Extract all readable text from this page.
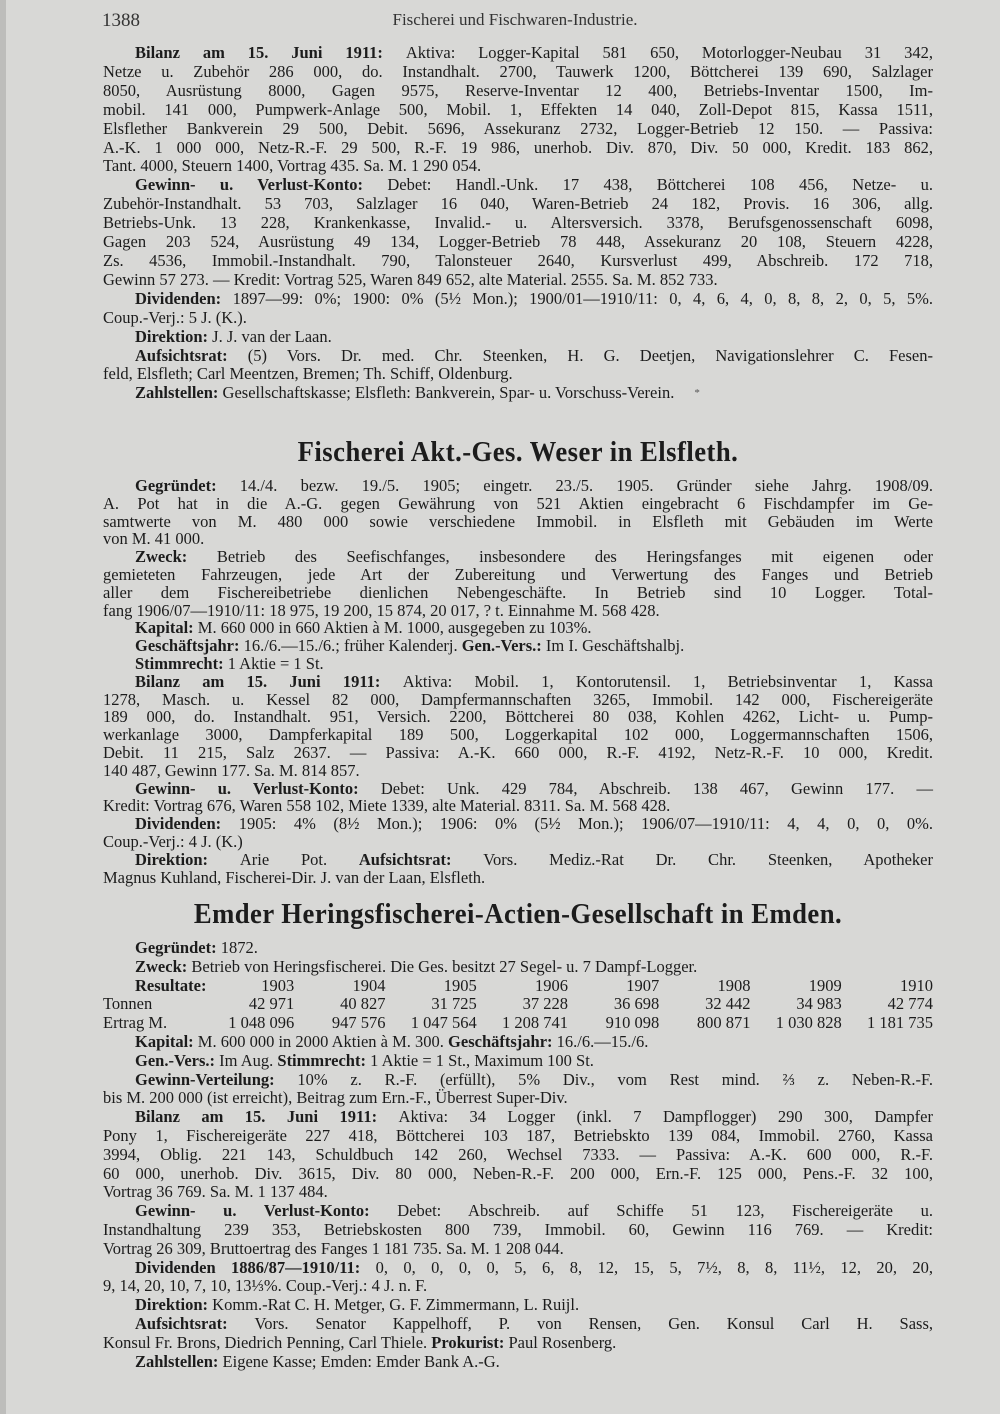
1388	Fischerei und Fischwaren-Industrie.
Bilanz am 15. Juni 1911: Aktiva: Logger-Kapital 581 650, Motorlogger-Neubau 31 342,
Netze u. Zubehör 286 000, do. Instandhalt. 2700, Tauwerk 1200, Böttcherei 139 690, Salzlager
8050, Ausrüstung 8000, Gagen 9575, Reserve-Inventar 12 400, Betriebs-Inventar 1500, Im-
mobil. 141 000, Pumpwerk-Anlage 500, Mobil. 1, Effekten 14 040, Zoll-Depot 815, Kassa 1511,
Elsflether Bankverein 29 500, Debit. 5696, Assekuranz 2732, Logger-Betrieb 12 150. — Passiva:
A.-K. 1 000 000, Netz-R.-F. 29 500, R.-F. 19 986, unerhob. Div. 870, Div. 50 000, Kredit. 183 862,
Tant. 4000, Steuern 1400, Vortrag 435. Sa. M. 1 290 054.
Gewinn- u. Verlust-Konto: Debet: Handl.-Unk. 17 438, Böttcherei 108 456, Netze- u.
Zubehör-Instandhalt. 53 703, Salzlager 16 040, Waren-Betrieb 24 182, Provis. 16 306, allg.
Betriebs-Unk. 13 228, Krankenkasse, Invalid.- u. Altersversich. 3378, Berufsgenossenschaft 6098,
Gagen 203 524, Ausrüstung 49 134, Logger-Betrieb 78 448, Assekuranz 20 108, Steuern 4228,
Zs. 4536, Immobil.-Instandhalt. 790, Talonsteuer 2640, Kursverlust 499, Abschreib. 172 718,
Gewinn 57 273. — Kredit: Vortrag 525, Waren 849 652, alte Material. 2555. Sa. M. 852 733.
Dividenden: 1897—99: 0%; 1900: 0% (5½ Mon.); 1900/01—1910/11: 0, 4, 6, 4, 0, 8, 8, 2, 0, 5, 5%.
Coup.-Verj.: 5 J. (K.).
Direktion: J. J. van der Laan.
Aufsichtsrat: (5) Vors. Dr. med. Chr. Steenken, H. G. Deetjen, Navigationslehrer C. Fesen-
feld, Elsfleth; Carl Meentzen, Bremen; Th. Schiff, Oldenburg.
Zahlstellen: Gesellschaftskasse; Elsfleth: Bankverein, Spar- u. Vorschuss-Verein. *
Fischerei Akt.-Ges. Weser in Elsfleth.
Gegründet: 14./4. bezw. 19./5. 1905; eingetr. 23./5. 1905. Gründer siehe Jahrg. 1908/09.
A. Pot hat in die A.-G. gegen Gewährung von 521 Aktien eingebracht 6 Fischdampfer im Ge-
samtwerte von M. 480 000 sowie verschiedene Immobil. in Elsfleth mit Gebäuden im Werte
von M. 41 000.
Zweck: Betrieb des Seefischfanges, insbesondere des Heringsfanges mit eigenen oder
gemieteten Fahrzeugen, jede Art der Zubereitung und Verwertung des Fanges und Betrieb
aller dem Fischereibetriebe dienlichen Nebengeschäfte. In Betrieb sind 10 Logger. Total-
fang 1906/07—1910/11: 18 975, 19 200, 15 874, 20 017, ? t. Einnahme M. 568 428.
Kapital: M. 660 000 in 660 Aktien à M. 1000, ausgegeben zu 103%.
Geschäftsjahr: 16./6.—15./6.; früher Kalenderj. Gen.-Vers.: Im I. Geschäftshalbj.
Stimmrecht: 1 Aktie = 1 St.
Bilanz am 15. Juni 1911: Aktiva: Mobil. 1, Kontorutensil. 1, Betriebsinventar 1, Kassa
1278, Masch. u. Kessel 82 000, Dampfermannschaften 3265, Immobil. 142 000, Fischereigeräte
189 000, do. Instandhalt. 951, Versich. 2200, Böttcherei 80 038, Kohlen 4262, Licht- u. Pump-
werkanlage 3000, Dampferkapital 189 500, Loggerkapital 102 000, Loggermannschaften 1506,
Debit. 11 215, Salz 2637. — Passiva: A.-K. 660 000, R.-F. 4192, Netz-R.-F. 10 000, Kredit.
140 487, Gewinn 177. Sa. M. 814 857.
Gewinn- u. Verlust-Konto: Debet: Unk. 429 784, Abschreib. 138 467, Gewinn 177. —
Kredit: Vortrag 676, Waren 558 102, Miete 1339, alte Material. 8311. Sa. M. 568 428.
Dividenden: 1905: 4% (8½ Mon.); 1906: 0% (5½ Mon.); 1906/07—1910/11: 4, 4, 0, 0, 0%.
Coup.-Verj.: 4 J. (K.)
Direktion: Arie Pot. Aufsichtsrat: Vors. Mediz.-Rat Dr. Chr. Steenken, Apotheker
Magnus Kuhland, Fischerei-Dir. J. van der Laan, Elsfleth.
Emder Heringsfischerei-Actien-Gesellschaft in Emden.
Gegründet: 1872.
Zweck: Betrieb von Heringsfischerei. Die Ges. besitzt 27 Segel- u. 7 Dampf-Logger.
Resultate:	1903	1904	1905	1906	1907	1908	1909	1910
Tonnen	42 971	40 827	31 725	37 228	36 698	32 442	34 983	42 774
Ertrag M.	1 048 096	947 576	1 047 564	1 208 741	910 098	800 871	1 030 828	1 181 735
Kapital: M. 600 000 in 2000 Aktien à M. 300. Geschäftsjahr: 16./6.—15./6.
Gen.-Vers.: Im Aug. Stimmrecht: 1 Aktie = 1 St., Maximum 100 St.
Gewinn-Verteilung: 10% z. R.-F. (erfüllt), 5% Div., vom Rest mind. ⅔ z. Neben-R.-F.
bis M. 200 000 (ist erreicht), Beitrag zum Ern.-F., Überrest Super-Div.
Bilanz am 15. Juni 1911: Aktiva: 34 Logger (inkl. 7 Dampflogger) 290 300, Dampfer
Pony 1, Fischereigeräte 227 418, Böttcherei 103 187, Betriebskto 139 084, Immobil. 2760, Kassa
3994, Oblig. 221 143, Schuldbuch 142 260, Wechsel 7333. — Passiva: A.-K. 600 000, R.-F.
60 000, unerhob. Div. 3615, Div. 80 000, Neben-R.-F. 200 000, Ern.-F. 125 000, Pens.-F. 32 100,
Vortrag 36 769. Sa. M. 1 137 484.
Gewinn- u. Verlust-Konto: Debet: Abschreib. auf Schiffe 51 123, Fischereigeräte u.
Instandhaltung 239 353, Betriebskosten 800 739, Immobil. 60, Gewinn 116 769. — Kredit:
Vortrag 26 309, Bruttoertrag des Fanges 1 181 735. Sa. M. 1 208 044.
Dividenden 1886/87—1910/11: 0, 0, 0, 0, 0, 5, 6, 8, 12, 15, 5, 7½, 8, 8, 11½, 12, 20, 20,
9, 14, 20, 10, 7, 10, 13⅓%. Coup.-Verj.: 4 J. n. F.
Direktion: Komm.-Rat C. H. Metger, G. F. Zimmermann, L. Ruijl.
Aufsichtsrat: Vors. Senator Kappelhoff, P. von Rensen, Gen. Konsul Carl H. Sass,
Konsul Fr. Brons, Diedrich Penning, Carl Thiele. Prokurist: Paul Rosenberg.
Zahlstellen: Eigene Kasse; Emden: Emder Bank A.-G.
